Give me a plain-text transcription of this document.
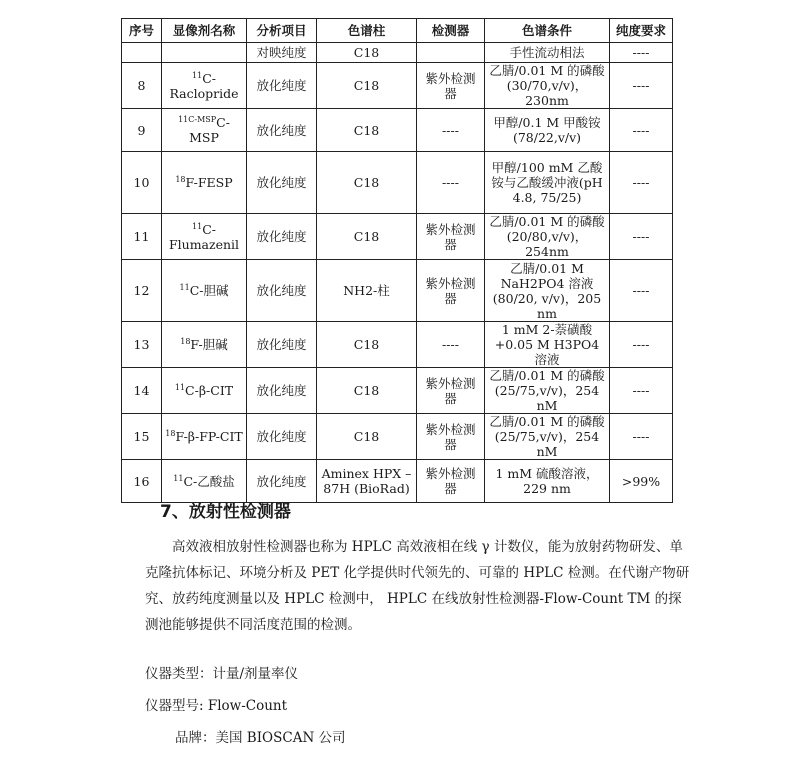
序号	显像剂名称	分析项目	色谱柱	检测器	色谱条件	纯度要求
		对映纯度	C18		手性流动相法	----
8	$^{11}$C-Raclopride	放化纯度	C18	紫外检测器	乙腈/0.01 M 的磷酸(30/70,v/v)，230nm	----
9	$^{11C-MSP}$C-MSP	放化纯度	C18	----	甲醇/0.1 M 甲酸铵(78/22,v/v)	----
10	$^{18}$F-FESP	放化纯度	C18	----	甲醇/100 mM 乙酸铵与乙酸缓冲液(pH 4.8, 75/25)	----
11	$^{11}$C-Flumazenil	放化纯度	C18	紫外检测器	乙腈/0.01 M 的磷酸(20/80,v/v)，254nm	----
12	$^{11}$C-胆碱	放化纯度	NH2-柱	紫外检测器	乙腈/0.01 M NaH2PO4 溶液(80/20, v/v)，205 nm	----
13	$^{18}$F-胆碱	放化纯度	C18	----	1 mM 2-萘磺酸+0.05 M H3PO4 溶液	----
14	$^{11}$C-β-CIT	放化纯度	C18	紫外检测器	乙腈/0.01 M 的磷酸(25/75,v/v)，254 nM	----
15	$^{18}$F-β-FP-CIT	放化纯度	C18	紫外检测器	乙腈/0.01 M 的磷酸(25/75,v/v)，254 nM	----
16	$^{11}$C-乙酸盐	放化纯度	Aminex HPX – 87H (BioRad)	紫外检测器	1 mM 硫酸溶液，229 nm	>99%
7、放射性检测器

高效液相放射性检测器也称为 HPLC 高效液相在线 γ 计数仪，能为放射药物研发、单克隆抗体标记、环境分析及 PET 化学提供时代领先的、可靠的 HPLC 检测。在代谢产物研究、放药纯度测量以及 HPLC 检测中， HPLC 在线放射性检测器-Flow-Count TM 的探测池能够提供不同活度范围的检测。

仪器类型：计量/剂量率仪

仪器型号: Flow-Count

品牌：美国 BIOSCAN 公司
